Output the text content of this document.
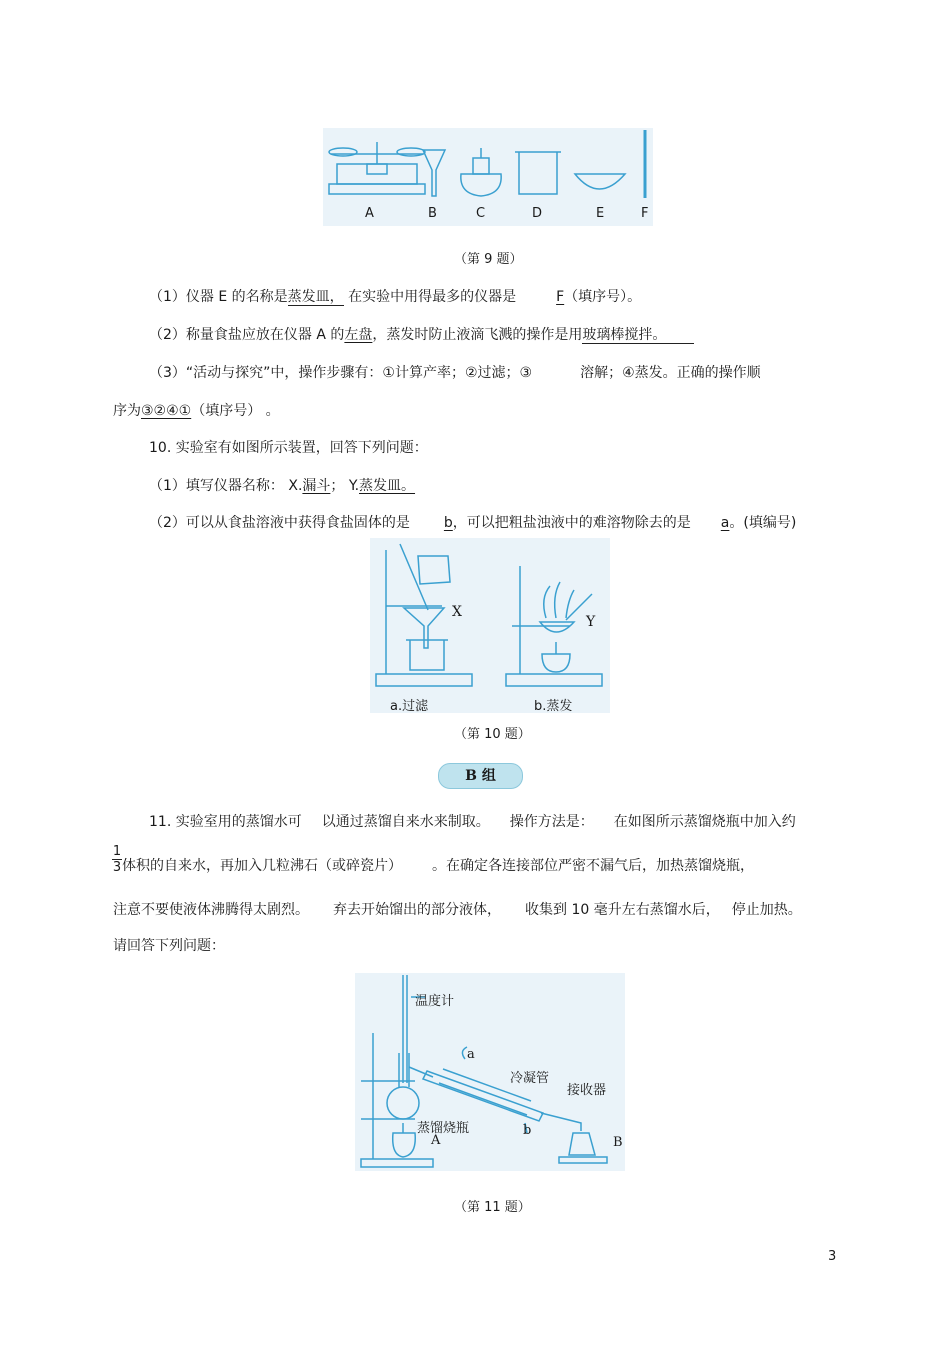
A	B	C	D	E	F
（第 9 题）
（1）仪器 E 的名称是蒸发皿， 在实验中用得最多的仪器是	F（填序号）。
（2）称量食盐应放在仪器 A 的左盘，蒸发时防止液滴飞溅的操作是用玻璃棒搅拌。
（3）“活动与探究”中，操作步骤有：①计算产率；②过滤；③	溶解；④蒸发。正确的操作顺
序为③②④①（填序号） 。
10. 实验室有如图所示装置，回答下列问题：
（1）填写仪器名称： X.漏斗； Y.蒸发皿。
（2）可以从食盐溶液中获得食盐固体的是 b，可以把粗盐浊液中的难溶物除去的是 a。(填编号)
X
Y
a.过滤	b.蒸发
（第 10 题）
B 组
11. 实验室用的蒸馏水可 以通过蒸馏自来水来制取。 操作方法是： 在如图所示蒸馏烧瓶中加入约
$\frac{1}{3}$ 体积的自来水，再加入几粒沸石（或碎瓷片） 。在确定各连接部位严密不漏气后，加热蒸馏烧瓶，
注意不要使液体沸腾得太剧烈。 弃去开始馏出的部分液体， 收集到 10 毫升左右蒸馏水后， 停止加热。
请回答下列问题：
温度计
冷凝管
接收器
蒸馏烧瓶
a
b
A	B
（第 11 题）
3
